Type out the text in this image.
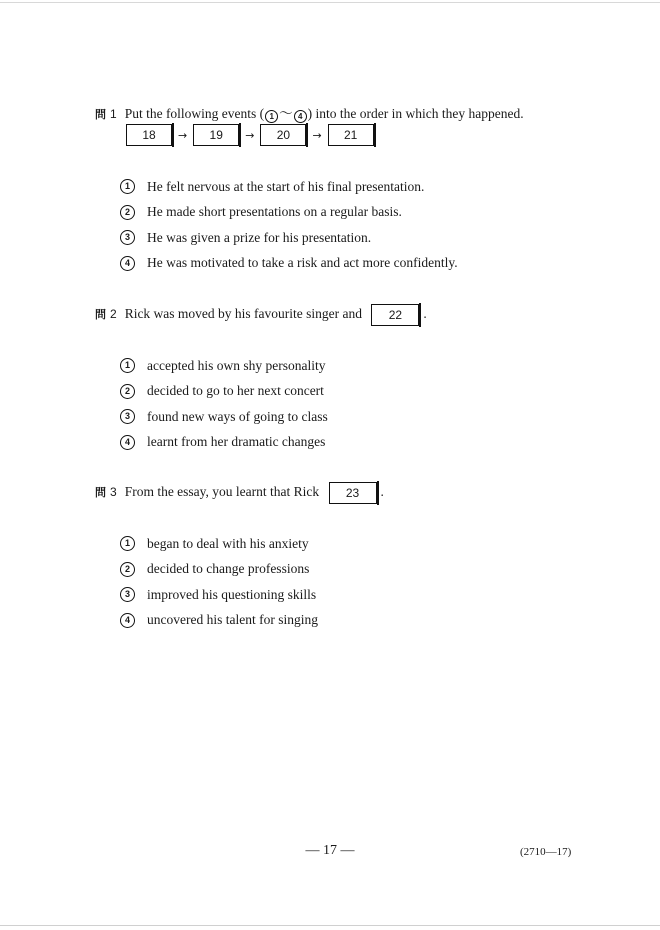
問 1 Put the following events ( 1 〜 4 ) into the order in which they happened.
18	→	19	→	20	→	21
1	He felt nervous at the start of his final presentation.
2	He made short presentations on a regular basis.
3	He was given a prize for his presentation.
4	He was motivated to take a risk and act more confidently.
問 2 Rick was moved by his favourite singer and 22 .
1	accepted his own shy personality
2	decided to go to her next concert
3	found new ways of going to class
4	learnt from her dramatic changes
問 3 From the essay, you learnt that Rick 23 .
1	began to deal with his anxiety
2	decided to change professions
3	improved his questioning skills
4	uncovered his talent for singing
— 17 —	(2710—17)
